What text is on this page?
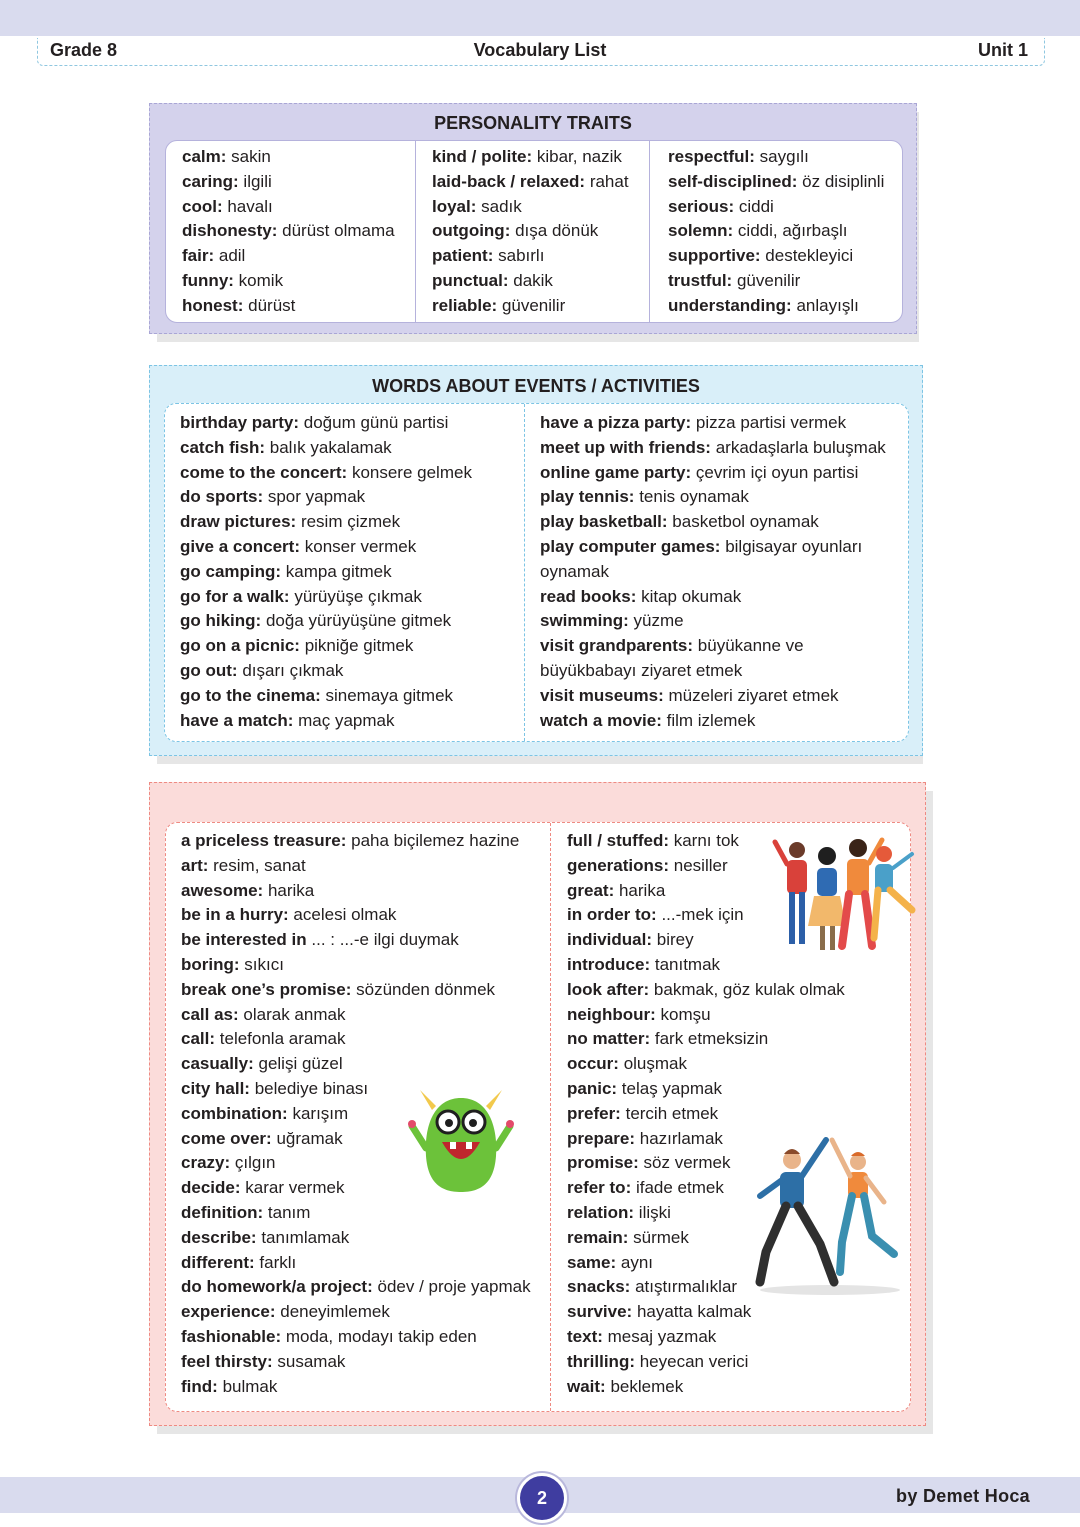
Grade 8	Vocabulary List	Unit 1
PERSONALITY TRAITS
calm: sakin
caring: ilgili
cool: havalı
dishonesty: dürüst olmama
fair: adil
funny: komik
honest: dürüst
kind / polite: kibar, nazik
laid-back / relaxed: rahat
loyal: sadık
outgoing: dışa dönük
patient: sabırlı
punctual: dakik
reliable: güvenilir
respectful: saygılı
self-disciplined: öz disiplinli
serious: ciddi
solemn: ciddi, ağırbaşlı
supportive: destekleyici
trustful: güvenilir
understanding: anlayışlı
WORDS ABOUT EVENTS / ACTIVITIES
birthday party: doğum günü partisi
catch fish: balık yakalamak
come to the concert: konsere gelmek
do sports: spor yapmak
draw pictures: resim çizmek
give a concert: konser vermek
go camping: kampa gitmek
go for a walk: yürüyüşe çıkmak
go hiking: doğa yürüyüşüne gitmek
go on a picnic: pikniğe gitmek
go out: dışarı çıkmak
go to the cinema: sinemaya gitmek
have a match: maç yapmak
have a pizza party: pizza partisi vermek
meet up with friends: arkadaşlarla buluşmak
online game party: çevrim içi oyun partisi
play tennis: tenis oynamak
play basketball: basketbol oynamak
play computer games: bilgisayar oyunları
oynamak
read books: kitap okumak
swimming: yüzme
visit grandparents: büyükanne ve
büyükbabayı ziyaret etmek
visit museums: müzeleri ziyaret etmek
watch a movie: film izlemek
a priceless treasure: paha biçilemez hazine
art: resim, sanat
awesome: harika
be in a hurry: acelesi olmak
be interested in ... : ...-e ilgi duymak
boring: sıkıcı
break one’s promise: sözünden dönmek
call as: olarak anmak
call: telefonla aramak
casually: gelişi güzel
city hall: belediye binası
combination: karışım
come over: uğramak
crazy: çılgın
decide: karar vermek
definition: tanım
describe: tanımlamak
different: farklı
do homework/a project: ödev / proje yapmak
experience: deneyimlemek
fashionable: moda, modayı takip eden
feel thirsty: susamak
find: bulmak
full / stuffed: karnı tok
generations: nesiller
great: harika
in order to: ...-mek için
individual: birey
introduce: tanıtmak
look after: bakmak, göz kulak olmak
neighbour: komşu
no matter: fark etmeksizin
occur: oluşmak
panic: telaş yapmak
prefer: tercih etmek
prepare: hazırlamak
promise: söz vermek
refer to: ifade etmek
relation: ilişki
remain: sürmek
same: aynı
snacks: atıştırmalıklar
survive: hayatta kalmak
text: mesaj yazmak
thrilling: heyecan verici
wait: beklemek
2	by Demet Hoca
